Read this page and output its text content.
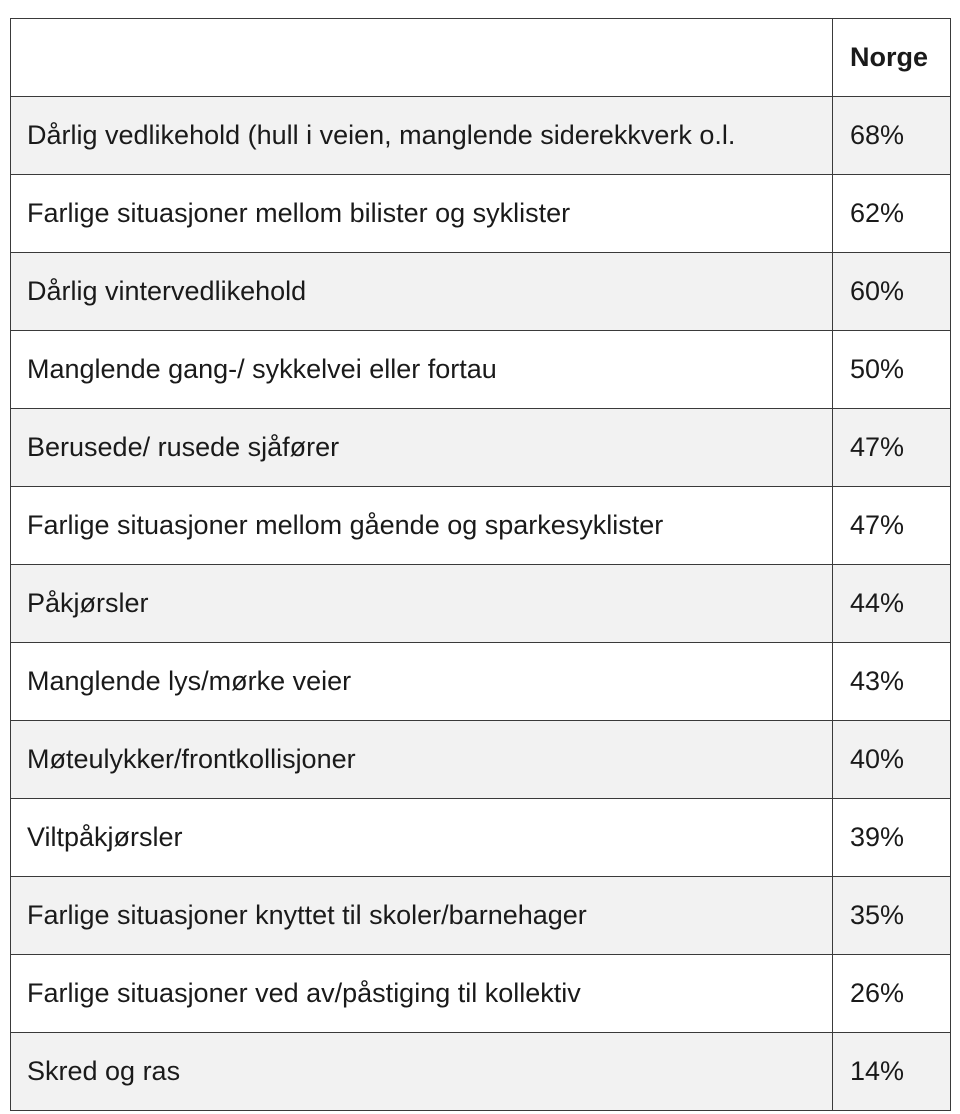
	Norge
Dårlig vedlikehold (hull i veien, manglende siderekkverk o.l.	68%
Farlige situasjoner mellom bilister og syklister	62%
Dårlig vintervedlikehold	60%
Manglende gang-/ sykkelvei eller fortau	50%
Berusede/ rusede sjåfører	47%
Farlige situasjoner mellom gående og sparkesyklister	47%
Påkjørsler	44%
Manglende lys/mørke veier	43%
Møteulykker/frontkollisjoner	40%
Viltpåkjørsler	39%
Farlige situasjoner knyttet til skoler/barnehager	35%
Farlige situasjoner ved av/påstiging til kollektiv	26%
Skred og ras	14%
